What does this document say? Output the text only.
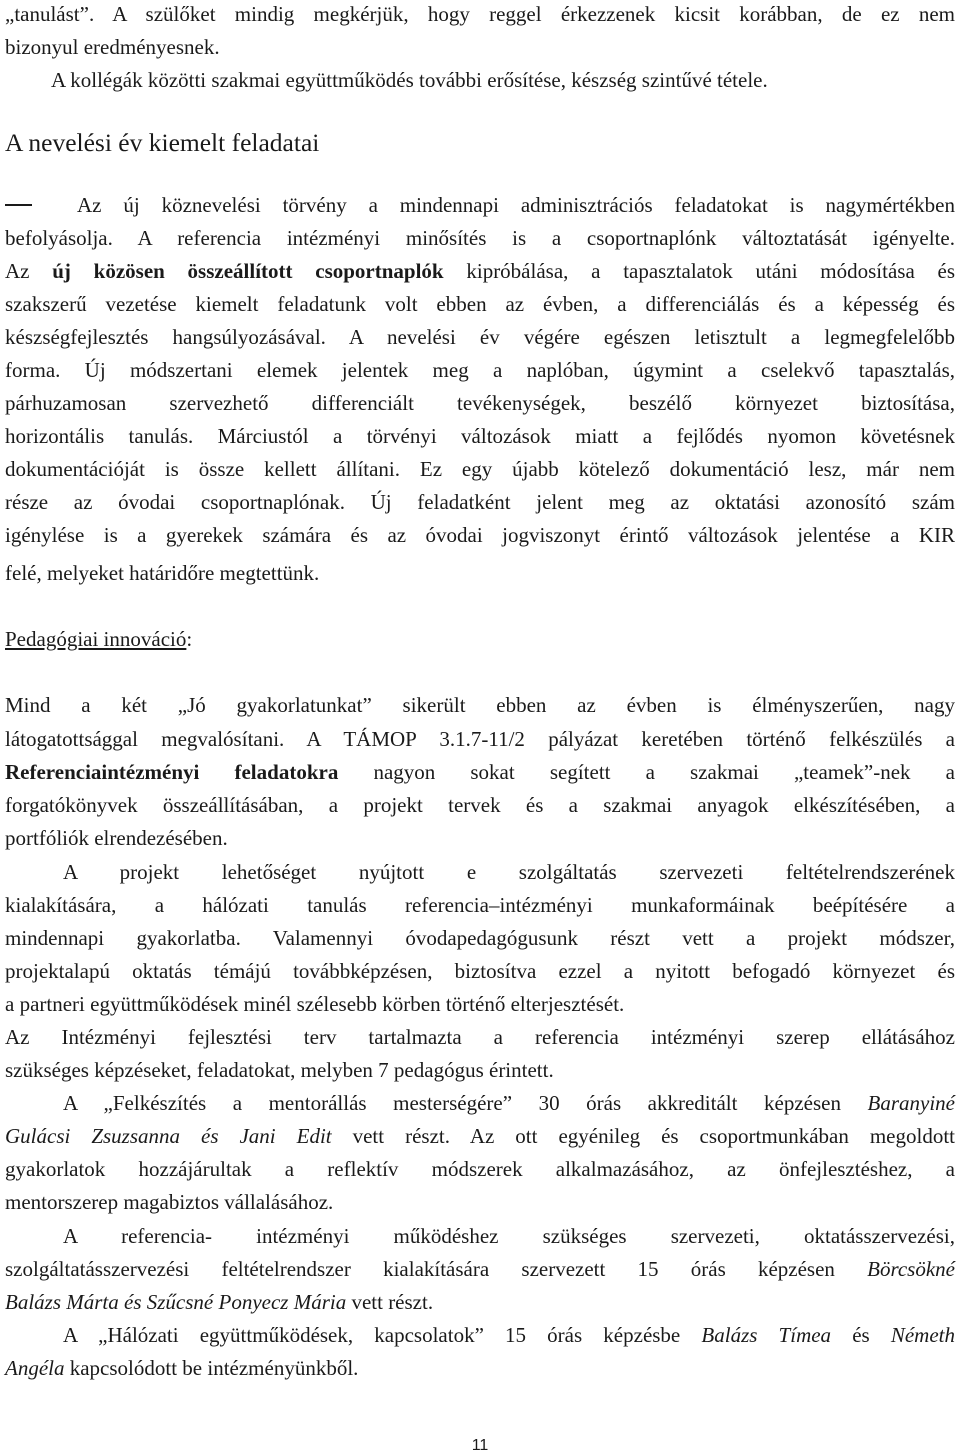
„tanulást”. A szülőket mindig megkérjük, hogy reggel érkezzenek kicsit korábban, de ez nem
bizonyul eredményesnek.
A kollégák közötti szakmai együttműködés további erősítése, készség szintűvé tétele.
A nevelési év kiemelt feladatai
Az új köznevelési törvény a mindennapi adminisztrációs feladatokat is nagymértékben
befolyásolja. A referencia intézményi minősítés is a csoportnaplónk változtatását igényelte.
Az új közösen összeállított csoportnaplók kipróbálása, a tapasztalatok utáni módosítása és
szakszerű vezetése kiemelt feladatunk volt ebben az évben, a differenciálás és a képesség és
készségfejlesztés hangsúlyozásával. A nevelési év végére egészen letisztult a legmegfelelőbb
forma. Új módszertani elemek jelentek meg a naplóban, úgymint a cselekvő tapasztalás,
párhuzamosan szervezhető differenciált tevékenységek, beszélő környezet biztosítása,
horizontális tanulás. Márciustól a törvényi változások miatt a fejlődés nyomon követésnek
dokumentációját is össze kellett állítani. Ez egy újabb kötelező dokumentáció lesz, már nem
része az óvodai csoportnaplónak. Új feladatként jelent meg az oktatási azonosító szám
igénylése is a gyerekek számára és az óvodai jogviszonyt érintő változások jelentése a KIR
felé, melyeket határidőre megtettünk.
Pedagógiai innováció:
Mind a két „Jó gyakorlatunkat” sikerült ebben az évben is élményszerűen, nagy
látogatottsággal megvalósítani. A TÁMOP 3.1.7-11/2 pályázat keretében történő felkészülés a
Referenciaintézményi feladatokra nagyon sokat segített a szakmai „teamek”-nek a
forgatókönyvek összeállításában, a projekt tervek és a szakmai anyagok elkészítésében, a
portfóliók elrendezésében.
A projekt lehetőséget nyújtott e szolgáltatás szervezeti feltételrendszerének
kialakítására, a hálózati tanulás referencia–intézményi munkaformáinak beépítésére a
mindennapi gyakorlatba. Valamennyi óvodapedagógusunk részt vett a projekt módszer,
projektalapú oktatás témájú továbbképzésen, biztosítva ezzel a nyitott befogadó környezet és
a partneri együttműködések minél szélesebb körben történő elterjesztését.
Az Intézményi fejlesztési terv tartalmazta a referencia intézményi szerep ellátásához
szükséges képzéseket, feladatokat, melyben 7 pedagógus érintett.
A „Felkészítés a mentorállás mesterségére” 30 órás akkreditált képzésen Baranyiné
Gulácsi Zsuzsanna és Jani Edit vett részt. Az ott egyénileg és csoportmunkában megoldott
gyakorlatok hozzájárultak a reflektív módszerek alkalmazásához, az önfejlesztéshez, a
mentorszerep magabiztos vállalásához.
A referencia- intézményi működéshez szükséges szervezeti, oktatásszervezési,
szolgáltatásszervezési feltételrendszer kialakítására szervezett 15 órás képzésen Börcsökné
Balázs Márta és Szűcsné Ponyecz Mária vett részt.
A „Hálózati együttműködések, kapcsolatok” 15 órás képzésbe Balázs Tímea és Németh
Angéla kapcsolódott be intézményünkből.
11
